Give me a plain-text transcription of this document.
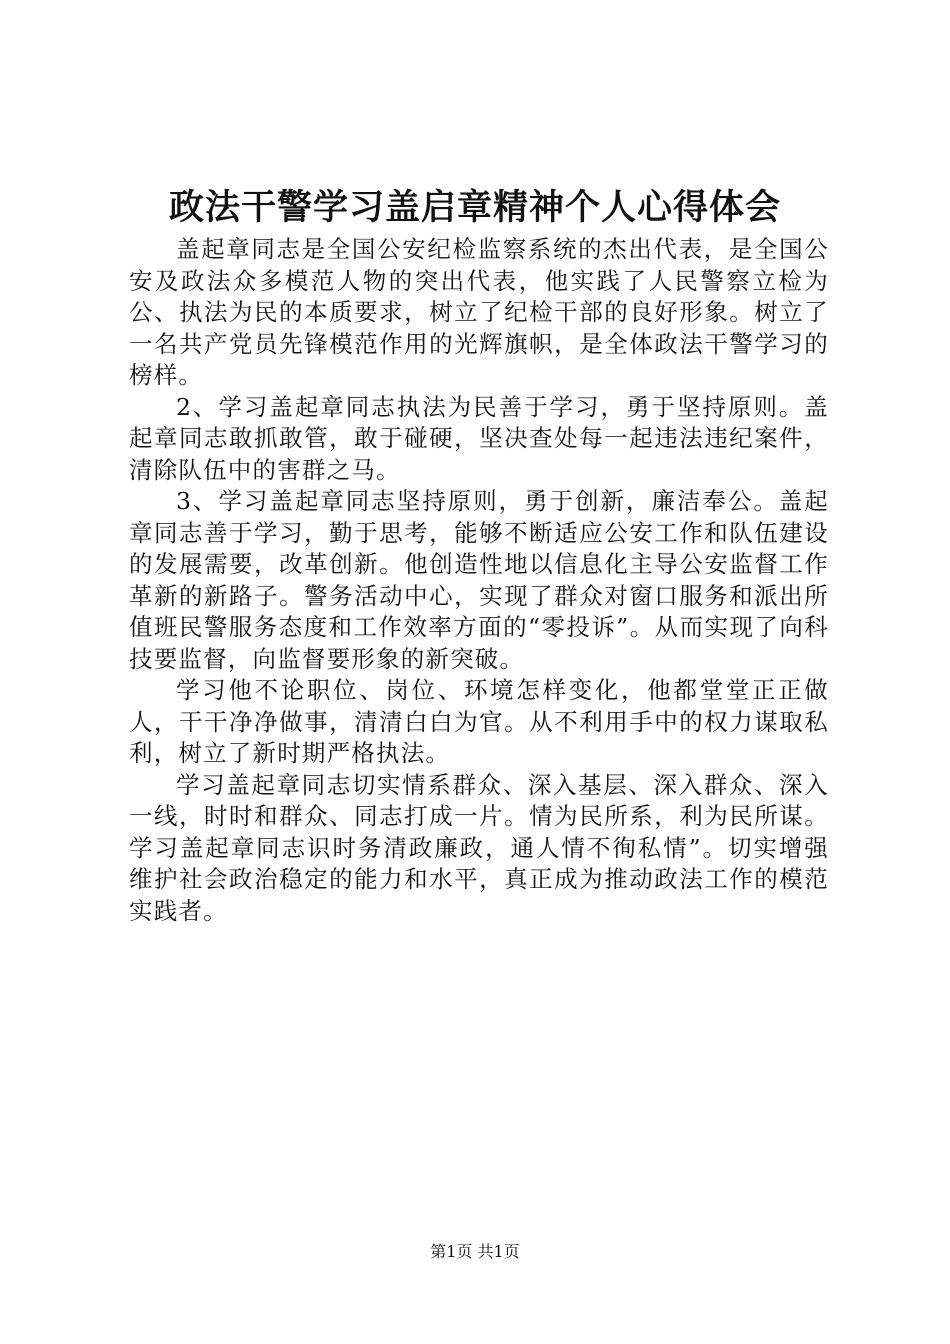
政法干警学习盖启章精神个人心得体会

盖起章同志是全国公安纪检监察系统的杰出代表，是全国公安及政法众多模范人物的突出代表，他实践了人民警察立检为公、执法为民的本质要求，树立了纪检干部的良好形象。树立了一名共产党员先锋模范作用的光辉旗帜，是全体政法干警学习的榜样。

2、学习盖起章同志执法为民善于学习，勇于坚持原则。盖起章同志敢抓敢管，敢于碰硬，坚决查处每一起违法违纪案件，清除队伍中的害群之马。

3、学习盖起章同志坚持原则，勇于创新，廉洁奉公。盖起章同志善于学习，勤于思考，能够不断适应公安工作和队伍建设的发展需要，改革创新。他创造性地以信息化主导公安监督工作革新的新路子。警务活动中心，实现了群众对窗口服务和派出所值班民警服务态度和工作效率方面的“零投诉”。从而实现了向科技要监督，向监督要形象的新突破。

学习他不论职位、岗位、环境怎样变化，他都堂堂正正做人，干干净净做事，清清白白为官。从不利用手中的权力谋取私利，树立了新时期严格执法。

学习盖起章同志切实情系群众、深入基层、深入群众、深入一线，时时和群众、同志打成一片。情为民所系，利为民所谋。学习盖起章同志识时务清政廉政，通人情不徇私情”。切实增强维护社会政治稳定的能力和水平，真正成为推动政法工作的模范实践者。

第1页 共1页
